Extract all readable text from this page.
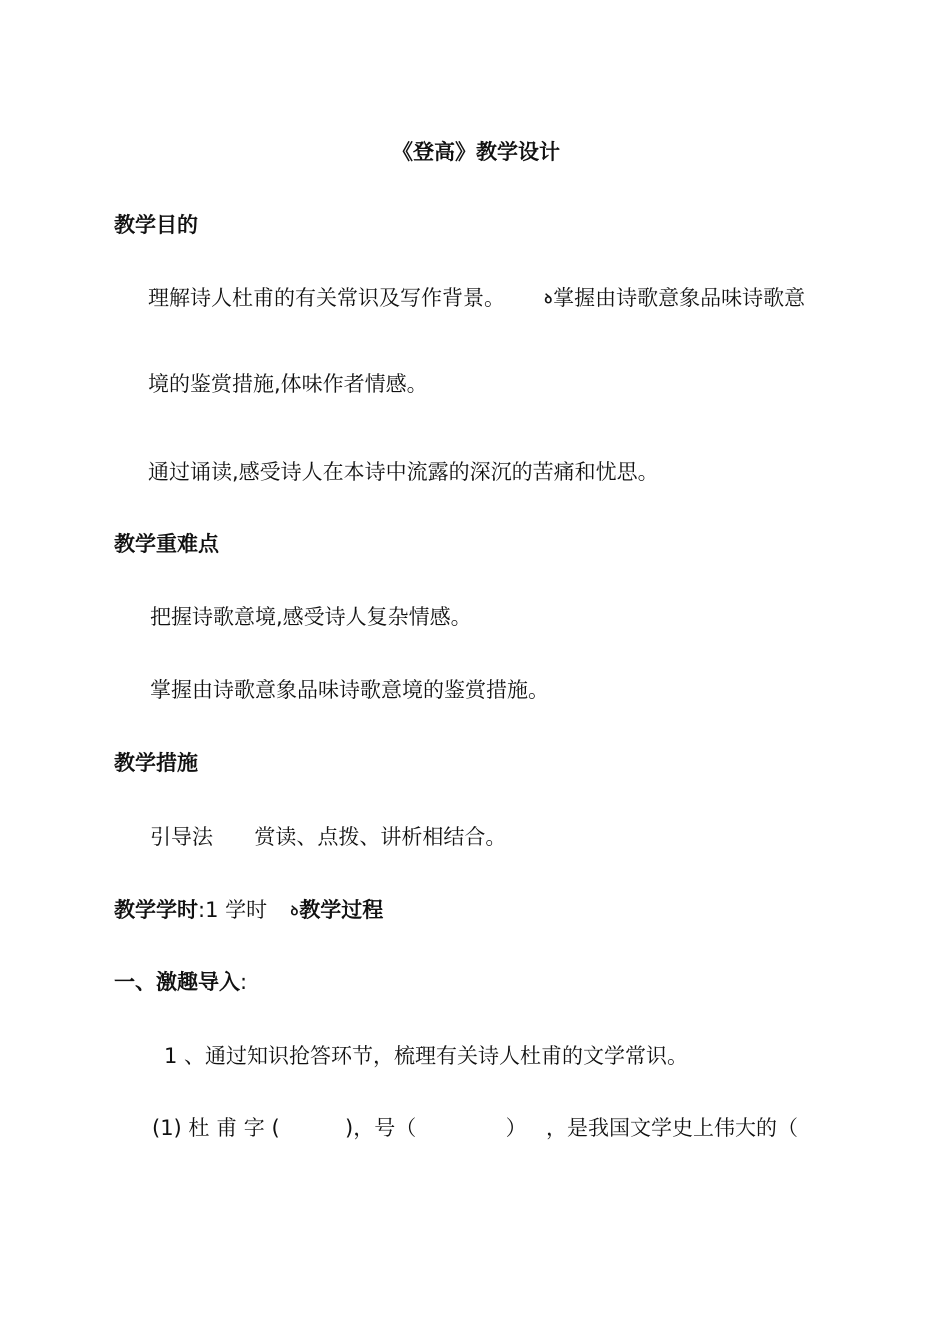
《登高》教学设计
教学目的
理解诗人杜甫的有关常识及写作背景。	ꝺ掌握由诗歌意象品味诗歌意
境的鉴赏措施,体味作者情感。
通过诵读,感受诗人在本诗中流露的深沉的苦痛和忧思。
教学重难点
把握诗歌意境,感受诗人复杂情感。
掌握由诗歌意象品味诗歌意境的鉴赏措施。
教学措施
引导法 赏读、点拨、讲析相结合。
教学学时:1 学时 ꝺ教学过程
一、激趣导入:
1 、通过知识抢答环节，梳理有关诗人杜甫的文学常识。
(1) 杜 甫 字 (	)，号（	） ，是我国文学史上伟大的（
